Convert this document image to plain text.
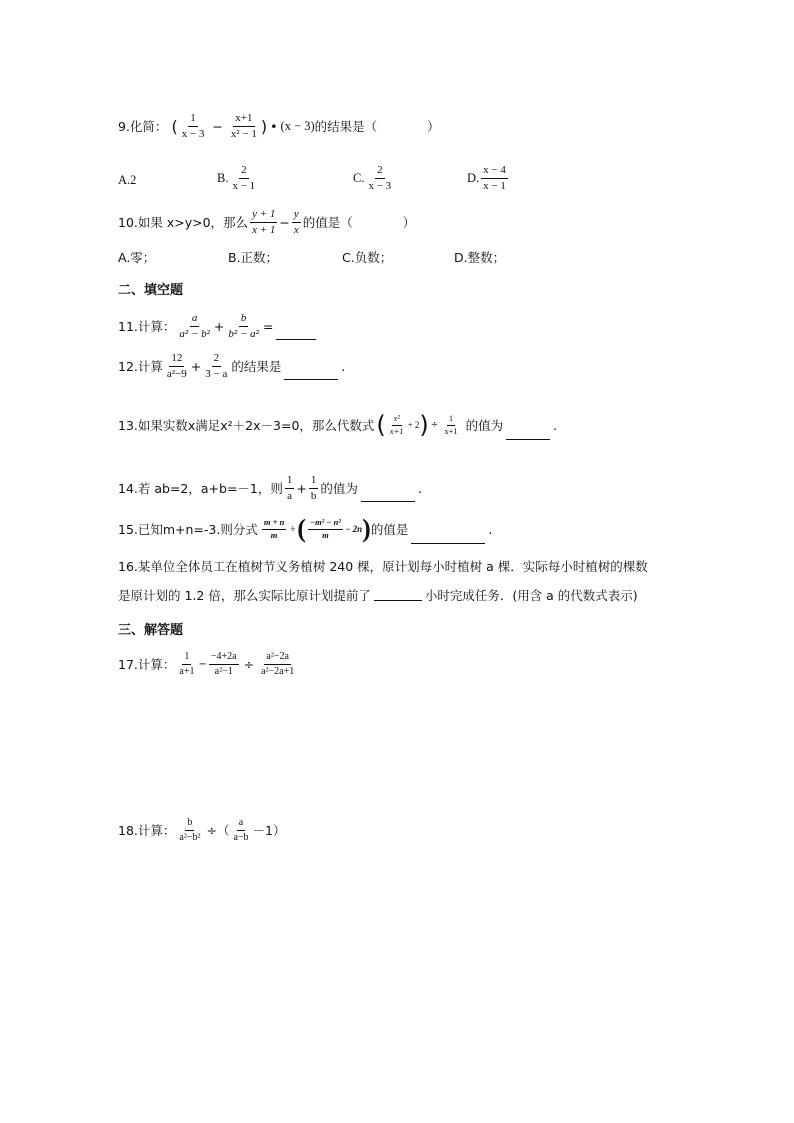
9.化简： ( $\frac{1}{x - 3} - \frac{x+1}{\text{x² − 1}}$ ) • (x − 3) 的结果是（　　　　）
A.2	B. $\frac{2}{x - 1}$	C. $\frac{2}{x - 3}$	D. $\frac{x - 4}{x - 1}$
10.如果 x>y>0，那么 $\frac{y + 1}{x + 1} - \frac{y}{x}$ 的值是（　　　　）
A.零；	B.正数；	C.负数；	D.整数；
二、填空题
11.计算： $\frac{a}{\text{a² − b²}} + \frac{b}{\text{b² − a²}}$ =
12.计算 $\frac{12}{\text{a²−9}} + \frac{2}{3 - a}$ 的结果是	.
13.如果实数x满足x²＋2x－3=0，那么代数式 ( $\frac{\text{x²}}{x+1} + 2$ ) ÷ $\frac{1}{x+1}$ 的值为	.
14.若 ab=2，a+b=－1，则 $\frac{1}{a} + \frac{1}{b}$ 的值为	.
15.已知m+n=-3.则分式 $\frac{m + n}{m}$ ÷ ( $\frac{\text{−m² − n²}}{m} - 2n$ ) 的值是	.
16.某单位全体员工在植树节义务植树 240 棵，原计划每小时植树 a 棵．实际每小时植树的棵数
是原计划的 1.2 倍，那么实际比原计划提前了	小时完成任务．(用含 a 的代数式表示)
三、解答题
17.计算： $\frac{1}{a+1} - \frac{-4+2a}{\text{a²−1}} \div \frac{\text{a²−2a}}{\text{a²−2a+1}}$
18.计算： $\frac{b}{\text{a²−b²}}$ ÷（ $\frac{a}{a-b} -1$）
